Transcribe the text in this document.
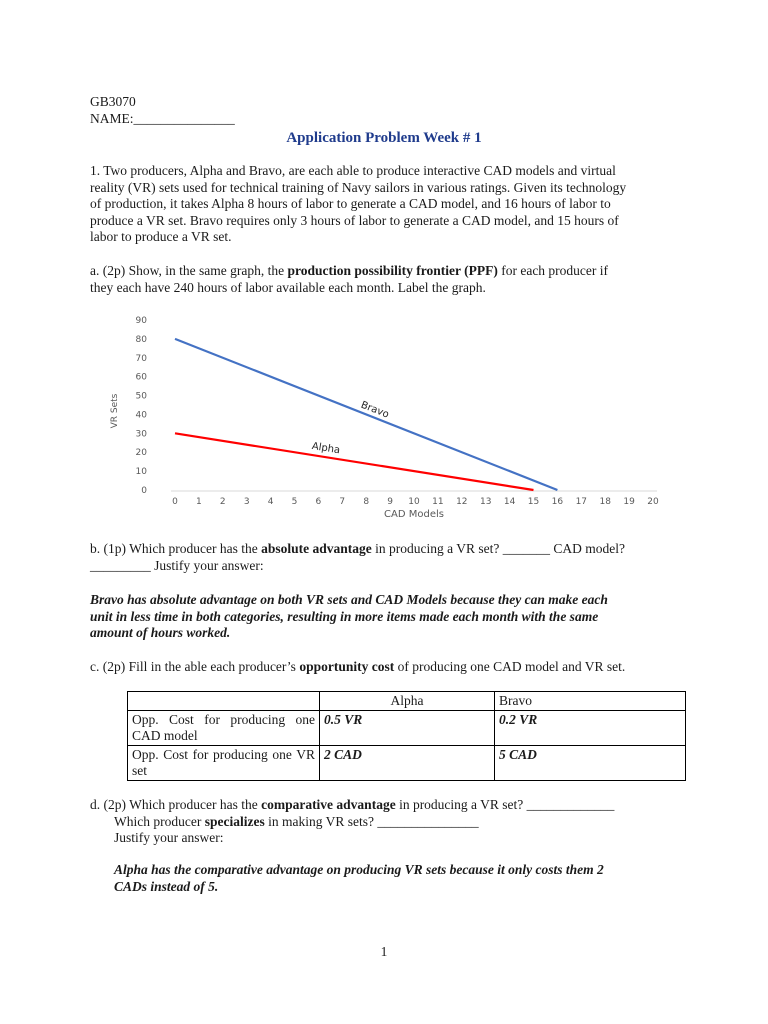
GB3070
NAME:_______________
Application Problem Week # 1
1. Two producers, Alpha and Bravo, are each able to produce interactive CAD models and virtual
reality (VR) sets used for technical training of Navy sailors in various ratings. Given its technology
of production, it takes Alpha 8 hours of labor to generate a CAD model, and 16 hours of labor to
produce a VR set. Bravo requires only 3 hours of labor to generate a CAD model, and 15 hours of
labor to produce a VR set.
a. (2p) Show, in the same graph, the production possibility frontier (PPF) for each producer if
they each have 240 hours of labor available each month. Label the graph.
0
10
20
30
40
50
60
70
80
90
0 1 2 3 4 5 6 7 8 9 10 11 12 13 14 15 16 17 18 19 20
CAD Models
VR Sets	Bravo
Alpha
b. (1p) Which producer has the absolute advantage in producing a VR set? _______ CAD model?
_________ Justify your answer:
Bravo has absolute advantage on both VR sets and CAD Models because they can make each
unit in less time in both categories, resulting in more items made each month with the same
amount of hours worked.
c. (2p) Fill in the able each producer’s opportunity cost of producing one CAD model and VR set.
	Alpha	Bravo
Opp. Cost for producing one CAD model	0.5 VR	0.2 VR
Opp. Cost for producing one VR set	2 CAD	5 CAD
d. (2p) Which producer has the comparative advantage in producing a VR set? _____________
Which producer specializes in making VR sets? _______________
Justify your answer:
Alpha has the comparative advantage on producing VR sets because it only costs them 2
CADs instead of 5.
1
